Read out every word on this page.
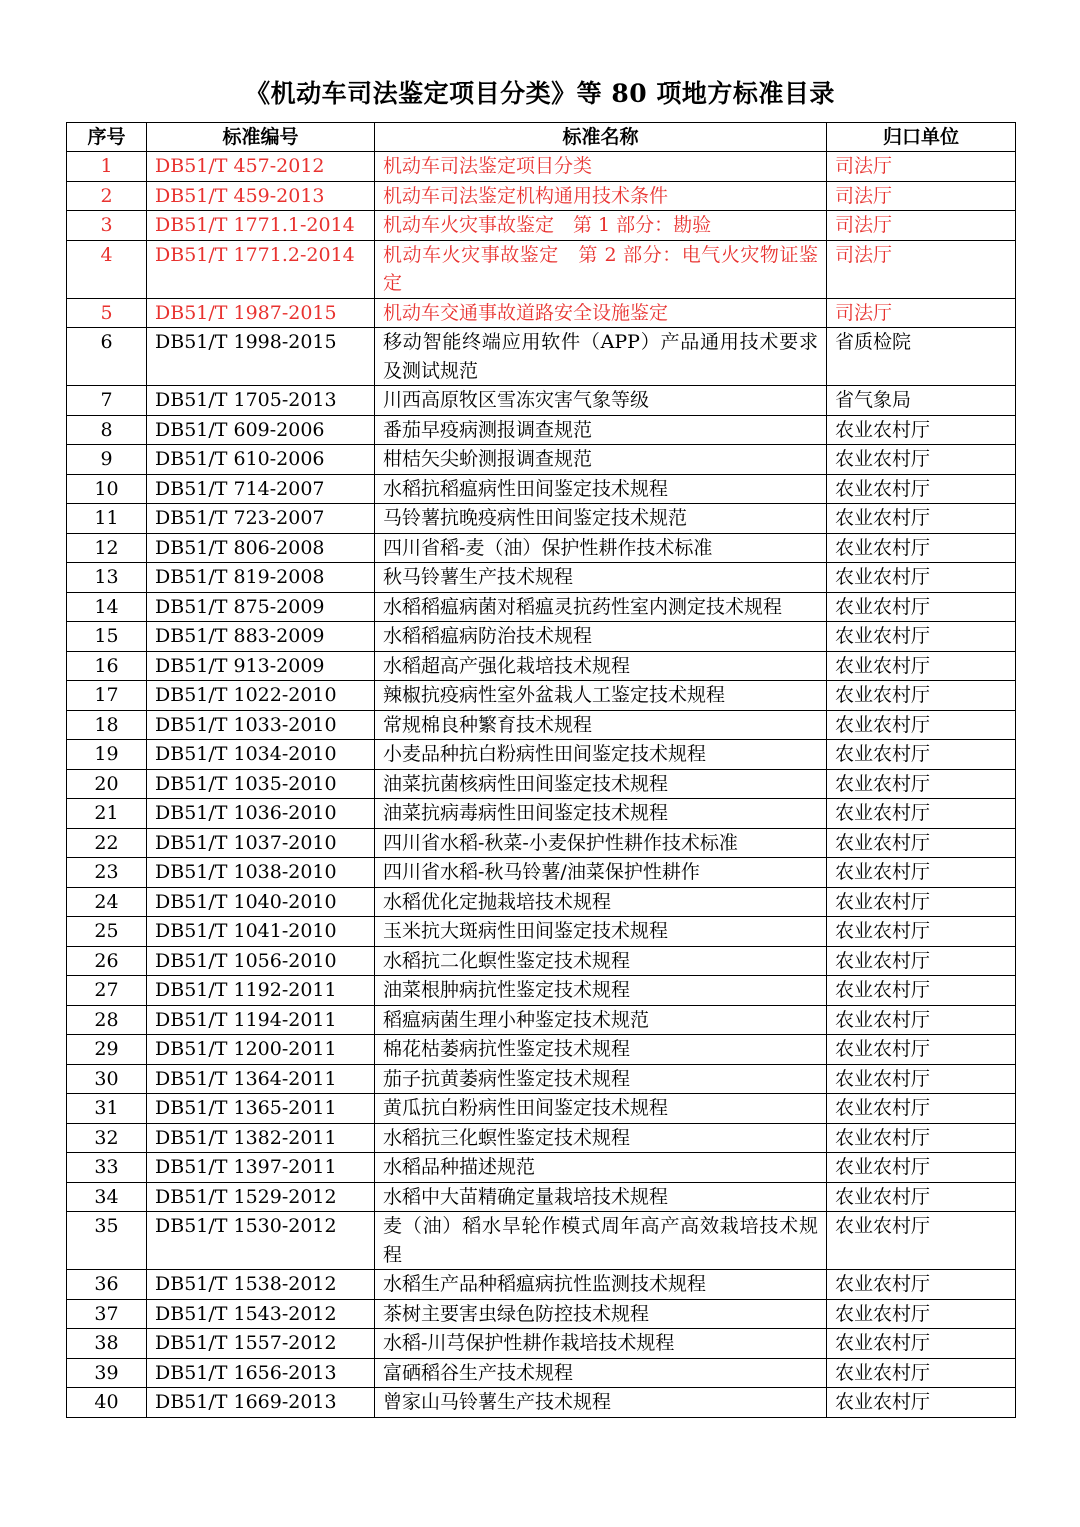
《机动车司法鉴定项目分类》等 80 项地方标准目录
序号	标准编号	标准名称	归口单位
1	DB51/T 457-2012	机动车司法鉴定项目分类	司法厅
2	DB51/T 459-2013	机动车司法鉴定机构通用技术条件	司法厅
3	DB51/T 1771.1-2014	机动车火灾事故鉴定　第 1 部分：勘验	司法厅
4	DB51/T 1771.2-2014	机动车火灾事故鉴定　第 2 部分：电气火灾物证鉴定	司法厅
5	DB51/T 1987-2015	机动车交通事故道路安全设施鉴定	司法厅
6	DB51/T 1998-2015	移动智能终端应用软件（APP）产品通用技术要求及测试规范	省质检院
7	DB51/T 1705-2013	川西高原牧区雪冻灾害气象等级	省气象局
8	DB51/T 609-2006	番茄早疫病测报调查规范	农业农村厅
9	DB51/T 610-2006	柑桔矢尖蚧测报调查规范	农业农村厅
10	DB51/T 714-2007	水稻抗稻瘟病性田间鉴定技术规程	农业农村厅
11	DB51/T 723-2007	马铃薯抗晚疫病性田间鉴定技术规范	农业农村厅
12	DB51/T 806-2008	四川省稻-麦（油）保护性耕作技术标准	农业农村厅
13	DB51/T 819-2008	秋马铃薯生产技术规程	农业农村厅
14	DB51/T 875-2009	水稻稻瘟病菌对稻瘟灵抗药性室内测定技术规程	农业农村厅
15	DB51/T 883-2009	水稻稻瘟病防治技术规程	农业农村厅
16	DB51/T 913-2009	水稻超高产强化栽培技术规程	农业农村厅
17	DB51/T 1022-2010	辣椒抗疫病性室外盆栽人工鉴定技术规程	农业农村厅
18	DB51/T 1033-2010	常规棉良种繁育技术规程	农业农村厅
19	DB51/T 1034-2010	小麦品种抗白粉病性田间鉴定技术规程	农业农村厅
20	DB51/T 1035-2010	油菜抗菌核病性田间鉴定技术规程	农业农村厅
21	DB51/T 1036-2010	油菜抗病毒病性田间鉴定技术规程	农业农村厅
22	DB51/T 1037-2010	四川省水稻-秋菜-小麦保护性耕作技术标准	农业农村厅
23	DB51/T 1038-2010	四川省水稻-秋马铃薯/油菜保护性耕作	农业农村厅
24	DB51/T 1040-2010	水稻优化定抛栽培技术规程	农业农村厅
25	DB51/T 1041-2010	玉米抗大斑病性田间鉴定技术规程	农业农村厅
26	DB51/T 1056-2010	水稻抗二化螟性鉴定技术规程	农业农村厅
27	DB51/T 1192-2011	油菜根肿病抗性鉴定技术规程	农业农村厅
28	DB51/T 1194-2011	稻瘟病菌生理小种鉴定技术规范	农业农村厅
29	DB51/T 1200-2011	棉花枯萎病抗性鉴定技术规程	农业农村厅
30	DB51/T 1364-2011	茄子抗黄萎病性鉴定技术规程	农业农村厅
31	DB51/T 1365-2011	黄瓜抗白粉病性田间鉴定技术规程	农业农村厅
32	DB51/T 1382-2011	水稻抗三化螟性鉴定技术规程	农业农村厅
33	DB51/T 1397-2011	水稻品种描述规范	农业农村厅
34	DB51/T 1529-2012	水稻中大苗精确定量栽培技术规程	农业农村厅
35	DB51/T 1530-2012	麦（油）稻水旱轮作模式周年高产高效栽培技术规程	农业农村厅
36	DB51/T 1538-2012	水稻生产品种稻瘟病抗性监测技术规程	农业农村厅
37	DB51/T 1543-2012	茶树主要害虫绿色防控技术规程	农业农村厅
38	DB51/T 1557-2012	水稻-川芎保护性耕作栽培技术规程	农业农村厅
39	DB51/T 1656-2013	富硒稻谷生产技术规程	农业农村厅
40	DB51/T 1669-2013	曾家山马铃薯生产技术规程	农业农村厅
